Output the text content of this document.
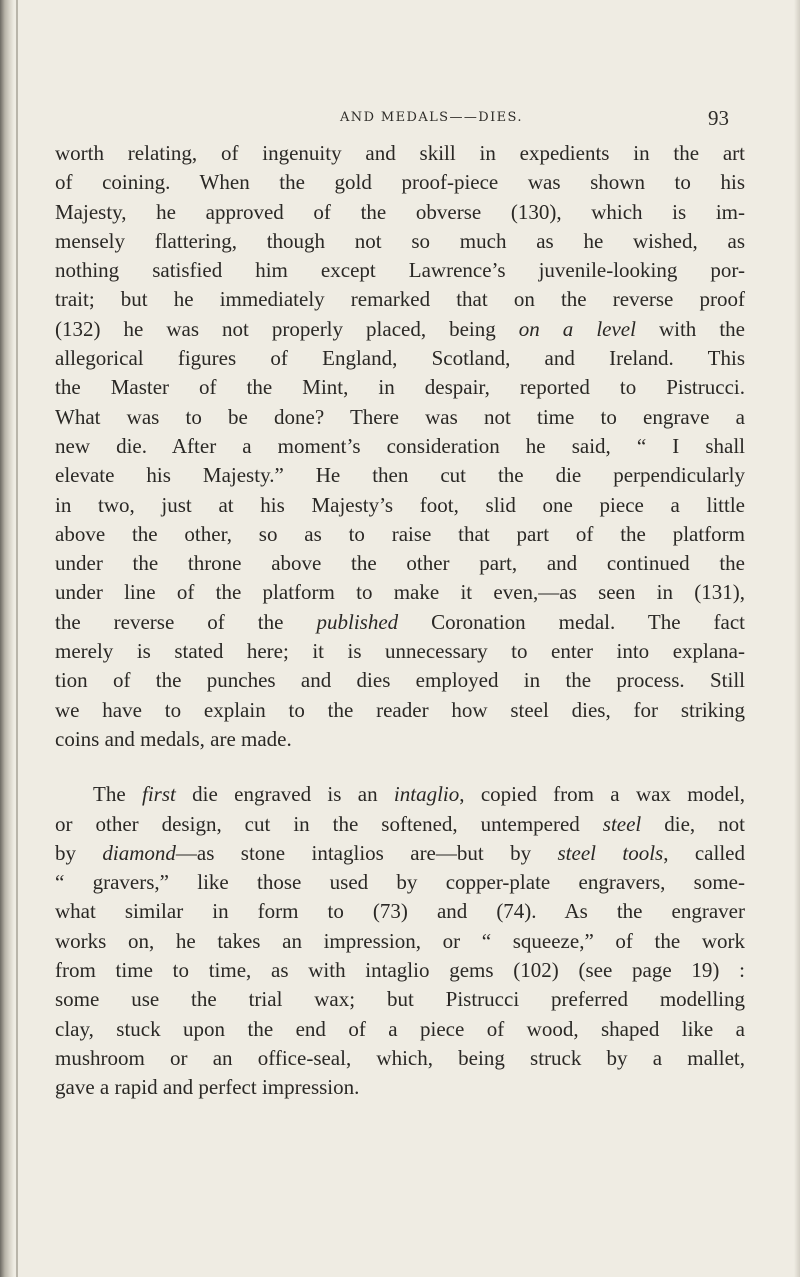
AND MEDALS——DIES.	93
worth relating, of ingenuity and skill in expedients in the art
of coining. When the gold proof-piece was shown to his
Majesty, he approved of the obverse (130), which is im-
mensely flattering, though not so much as he wished, as
nothing satisfied him except Lawrence’s juvenile-looking por-
trait; but he immediately remarked that on the reverse proof
(132) he was not properly placed, being on a level with the
allegorical figures of England, Scotland, and Ireland. This
the Master of the Mint, in despair, reported to Pistrucci.
What was to be done? There was not time to engrave a
new die. After a moment’s consideration he said, “ I shall
elevate his Majesty.” He then cut the die perpendicularly
in two, just at his Majesty’s foot, slid one piece a little
above the other, so as to raise that part of the platform
under the throne above the other part, and continued the
under line of the platform to make it even,—as seen in (131),
the reverse of the published Coronation medal. The fact
merely is stated here; it is unnecessary to enter into explana-
tion of the punches and dies employed in the process. Still
we have to explain to the reader how steel dies, for striking
coins and medals, are made.
The first die engraved is an intaglio, copied from a wax model,
or other design, cut in the softened, untempered steel die, not
by diamond—as stone intaglios are—but by steel tools, called
“ gravers,” like those used by copper-plate engravers, some-
what similar in form to (73) and (74). As the engraver
works on, he takes an impression, or “ squeeze,” of the work
from time to time, as with intaglio gems (102) (see page 19) :
some use the trial wax; but Pistrucci preferred modelling
clay, stuck upon the end of a piece of wood, shaped like a
mushroom or an office-seal, which, being struck by a mallet,
gave a rapid and perfect impression.
